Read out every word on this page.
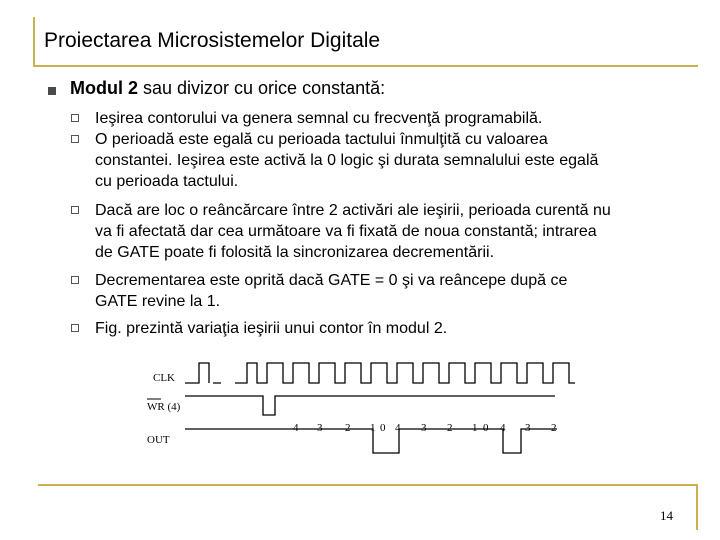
Proiectarea Microsistemelor Digitale
Modul 2 sau divizor cu orice constantă:
Ieşirea contorului va genera semnal cu frecvenţă programabilă.
O perioadă este egală cu perioada tactului înmulţită cu valoarea
constantei. Ieşirea este activă la 0 logic şi durata semnalului este egală
cu perioada tactului.
Dacă are loc o reâncărcare între 2 activări ale ieşirii, perioada curentă nu
va fi afectată dar cea următoare va fi fixată de noua constantă; intrarea
de GATE poate fi folosită la sincronizarea decrementării.
Decrementarea este oprită dacă GATE = 0 şi va reâncepe după ce
GATE revine la 1.
Fig. prezintă variaţia ieşirii unui contor în modul 2.
CLK
WR (4)
OUT
4 3 2 1 0 4 3 2 1 0 4 3 2
14
